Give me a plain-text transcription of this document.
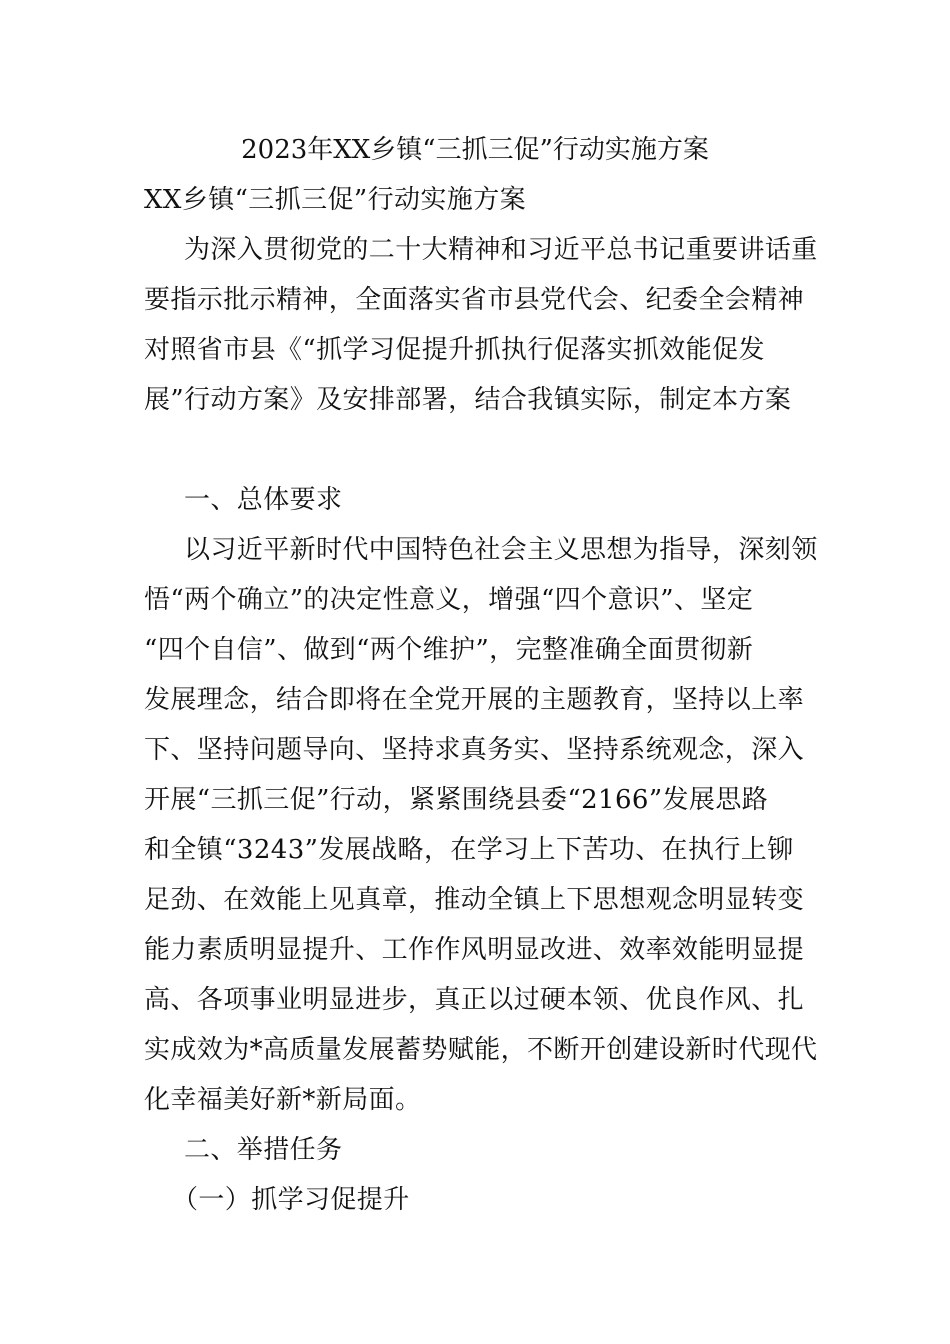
2023年XX乡镇“三抓三促”行动实施方案
XX乡镇“三抓三促”行动实施方案
为深入贯彻党的二十大精神和习近平总书记重要讲话重
要指示批示精神，全面落实省市县党代会、纪委全会精神
对照省市县《“抓学习促提升抓执行促落实抓效能促发
展”行动方案》及安排部署，结合我镇实际，制定本方案
一、总体要求
以习近平新时代中国特色社会主义思想为指导，深刻领
悟“两个确立”的决定性意义，增强“四个意识”、坚定
“四个自信”、做到“两个维护”，完整准确全面贯彻新
发展理念，结合即将在全党开展的主题教育，坚持以上率
下、坚持问题导向、坚持求真务实、坚持系统观念，深入
开展“三抓三促”行动，紧紧围绕县委“2166”发展思路
和全镇“3243”发展战略，在学习上下苦功、在执行上铆
足劲、在效能上见真章，推动全镇上下思想观念明显转变
能力素质明显提升、工作作风明显改进、效率效能明显提
高、各项事业明显进步，真正以过硬本领、优良作风、扎
实成效为*高质量发展蓄势赋能，不断开创建设新时代现代
化幸福美好新*新局面。
二、举措任务
（一）抓学习促提升
